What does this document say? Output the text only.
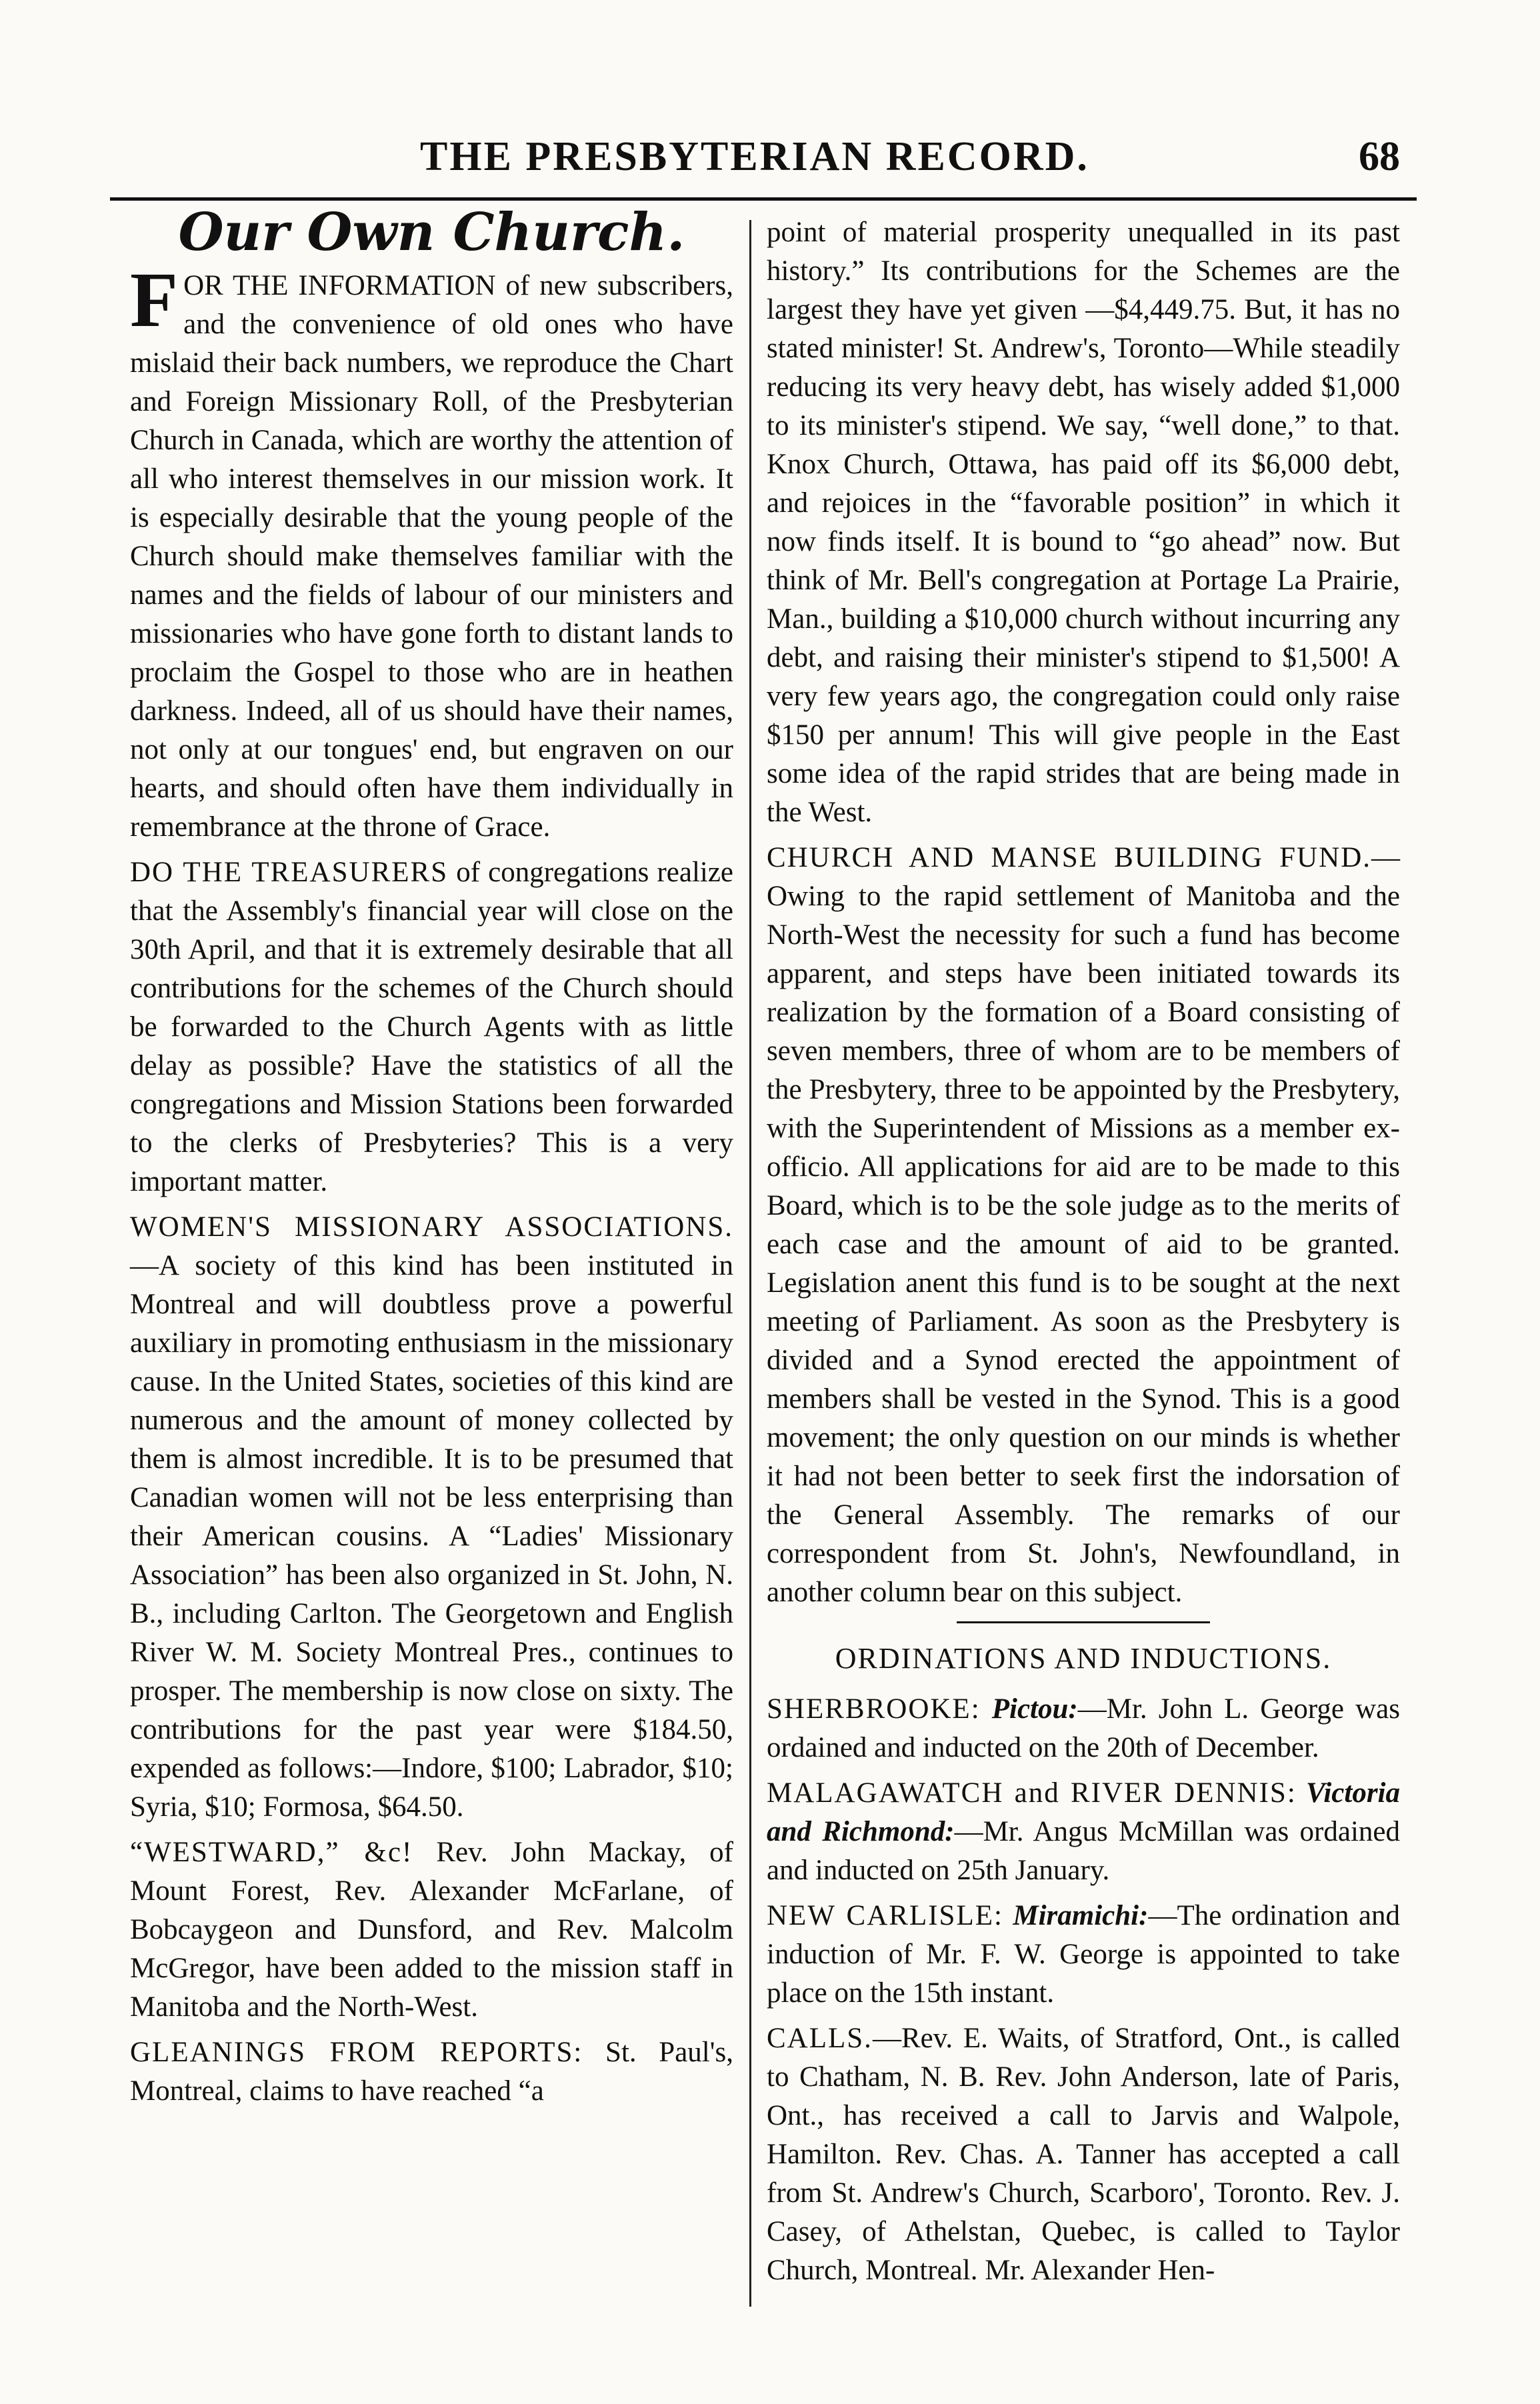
THE PRESBYTERIAN RECORD.	68
Our Own Church.

FOR THE INFORMATION of new subscribers, and the convenience of old ones who have mislaid their back numbers, we reproduce the Chart and Foreign Missionary Roll, of the Presbyterian Church in Canada, which are worthy the attention of all who interest themselves in our mission work. It is especially desirable that the young people of the Church should make themselves familiar with the names and the fields of labour of our ministers and missionaries who have gone forth to distant lands to proclaim the Gospel to those who are in heathen darkness. Indeed, all of us should have their names, not only at our tongues' end, but engraven on our hearts, and should often have them individually in remembrance at the throne of Grace.

DO THE TREASURERS of congregations realize that the Assembly's financial year will close on the 30th April, and that it is extremely desirable that all contributions for the schemes of the Church should be forwarded to the Church Agents with as little delay as possible? Have the statistics of all the congregations and Mission Stations been forwarded to the clerks of Presbyteries? This is a very important matter.

WOMEN'S MISSIONARY ASSOCIATIONS.—A society of this kind has been instituted in Montreal and will doubtless prove a powerful auxiliary in promoting enthusiasm in the missionary cause. In the United States, societies of this kind are numerous and the amount of money collected by them is almost incredible. It is to be presumed that Canadian women will not be less enterprising than their American cousins. A “Ladies' Missionary Association” has been also organized in St. John, N. B., including Carlton. The Georgetown and English River W. M. Society Montreal Pres., continues to prosper. The membership is now close on sixty. The contributions for the past year were $184.50, expended as follows:—Indore, $100; Labrador, $10; Syria, $10; Formosa, $64.50.

“WESTWARD,” &c! Rev. John Mackay, of Mount Forest, Rev. Alexander McFarlane, of Bobcaygeon and Dunsford, and Rev. Malcolm McGregor, have been added to the mission staff in Manitoba and the North-West.

GLEANINGS FROM REPORTS: St. Paul's, Montreal, claims to have reached “a

point of material prosperity unequalled in its past history.” Its contributions for the Schemes are the largest they have yet given —$4,449.75. But, it has no stated minister! St. Andrew's, Toronto—While steadily reducing its very heavy debt, has wisely added $1,000 to its minister's stipend. We say, “well done,” to that. Knox Church, Ottawa, has paid off its $6,000 debt, and rejoices in the “favorable position” in which it now finds itself. It is bound to “go ahead” now. But think of Mr. Bell's congregation at Portage La Prairie, Man., building a $10,000 church without incurring any debt, and raising their minister's stipend to $1,500! A very few years ago, the congregation could only raise $150 per annum! This will give people in the East some idea of the rapid strides that are being made in the West.

CHURCH AND MANSE BUILDING FUND.—Owing to the rapid settlement of Manitoba and the North-West the necessity for such a fund has become apparent, and steps have been initiated towards its realization by the formation of a Board consisting of seven members, three of whom are to be members of the Presbytery, three to be appointed by the Presbytery, with the Superintendent of Missions as a member ex-officio. All applications for aid are to be made to this Board, which is to be the sole judge as to the merits of each case and the amount of aid to be granted. Legislation anent this fund is to be sought at the next meeting of Parliament. As soon as the Presbytery is divided and a Synod erected the appointment of members shall be vested in the Synod. This is a good movement; the only question on our minds is whether it had not been better to seek first the indorsation of the General Assembly. The remarks of our correspondent from St. John's, Newfoundland, in another column bear on this subject.

ORDINATIONS AND INDUCTIONS.

SHERBROOKE: Pictou:—Mr. John L. George was ordained and inducted on the 20th of December.

MALAGAWATCH and RIVER DENNIS: Victoria and Richmond:—Mr. Angus McMillan was ordained and inducted on 25th January.

NEW CARLISLE: Miramichi:—The ordination and induction of Mr. F. W. George is appointed to take place on the 15th instant.

CALLS.—Rev. E. Waits, of Stratford, Ont., is called to Chatham, N. B. Rev. John Anderson, late of Paris, Ont., has received a call to Jarvis and Walpole, Hamilton. Rev. Chas. A. Tanner has accepted a call from St. Andrew's Church, Scarboro', Toronto. Rev. J. Casey, of Athelstan, Quebec, is called to Taylor Church, Montreal. Mr. Alexander Hen-
